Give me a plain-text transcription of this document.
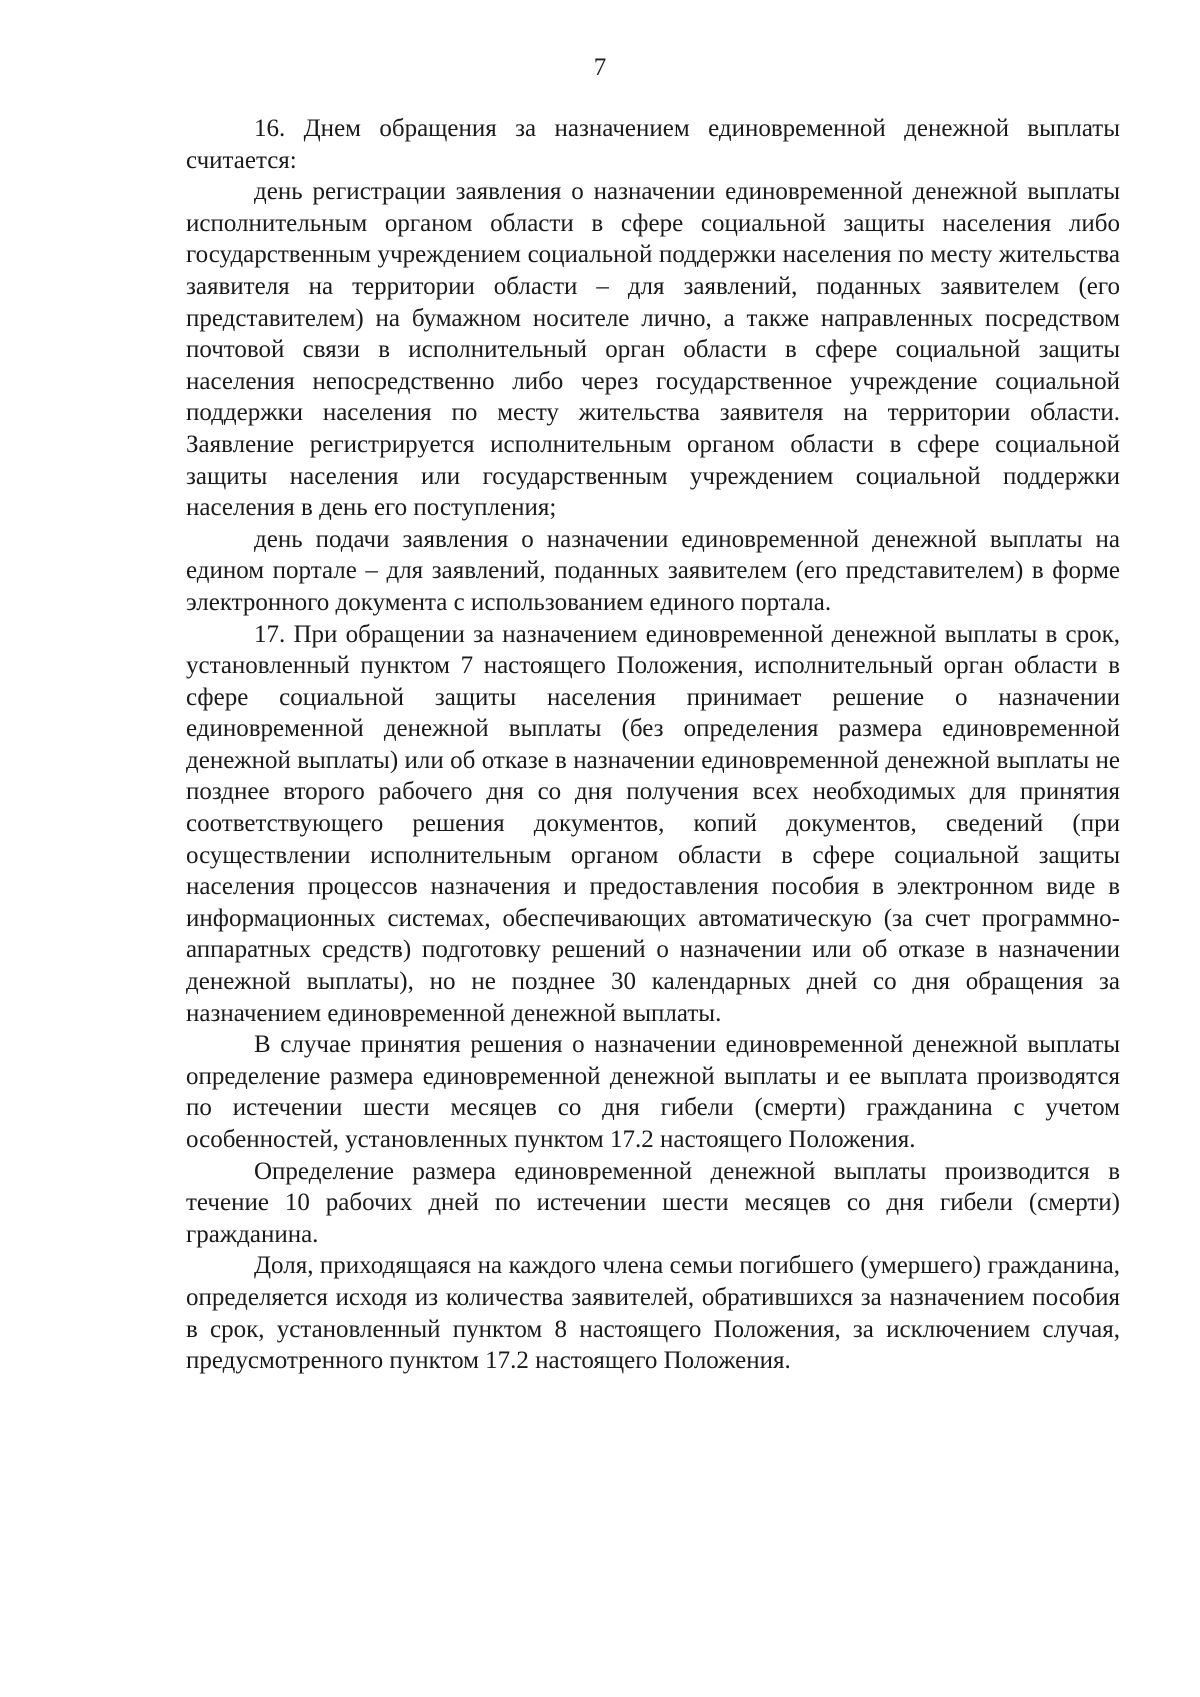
7

16. Днем обращения за назначением единовременной денежной выплаты считается:

день регистрации заявления о назначении единовременной денежной выплаты исполнительным органом области в сфере социальной защиты населения либо государственным учреждением социальной поддержки населения по месту жительства заявителя на территории области – для заявлений, поданных заявителем (его представителем) на бумажном носителе лично, а также направленных посредством почтовой связи в исполнительный орган области в сфере социальной защиты населения непосредственно либо через государственное учреждение социальной поддержки населения по месту жительства заявителя на территории области. Заявление регистрируется исполнительным органом области в сфере социальной защиты населения или государственным учреждением социальной поддержки населения в день его поступления;

день подачи заявления о назначении единовременной денежной выплаты на едином портале – для заявлений, поданных заявителем (его представителем) в форме электронного документа с использованием единого портала.

17. При обращении за назначением единовременной денежной выплаты в срок, установленный пунктом 7 настоящего Положения, исполнительный орган области в сфере социальной защиты населения принимает решение о назначении единовременной денежной выплаты (без определения размера единовременной денежной выплаты) или об отказе в назначении единовременной денежной выплаты не позднее второго рабочего дня со дня получения всех необходимых для принятия соответствующего решения документов, копий документов, сведений (при осуществлении исполнительным органом области в сфере социальной защиты населения процессов назначения и предоставления пособия в электронном виде в информационных системах, обеспечивающих автоматическую (за счет программно-аппаратных средств) подготовку решений о назначении или об отказе в назначении денежной выплаты), но не позднее 30 календарных дней со дня обращения за назначением единовременной денежной выплаты.

В случае принятия решения о назначении единовременной денежной выплаты определение размера единовременной денежной выплаты и ее выплата производятся по истечении шести месяцев со дня гибели (смерти) гражданина с учетом особенностей, установленных пунктом 17.2 настоящего Положения.

Определение размера единовременной денежной выплаты производится в течение 10 рабочих дней по истечении шести месяцев со дня гибели (смерти) гражданина.

Доля, приходящаяся на каждого члена семьи погибшего (умершего) гражданина, определяется исходя из количества заявителей, обратившихся за назначением пособия в срок, установленный пунктом 8 настоящего Положения, за исключением случая, предусмотренного пунктом 17.2 настоящего Положения.
